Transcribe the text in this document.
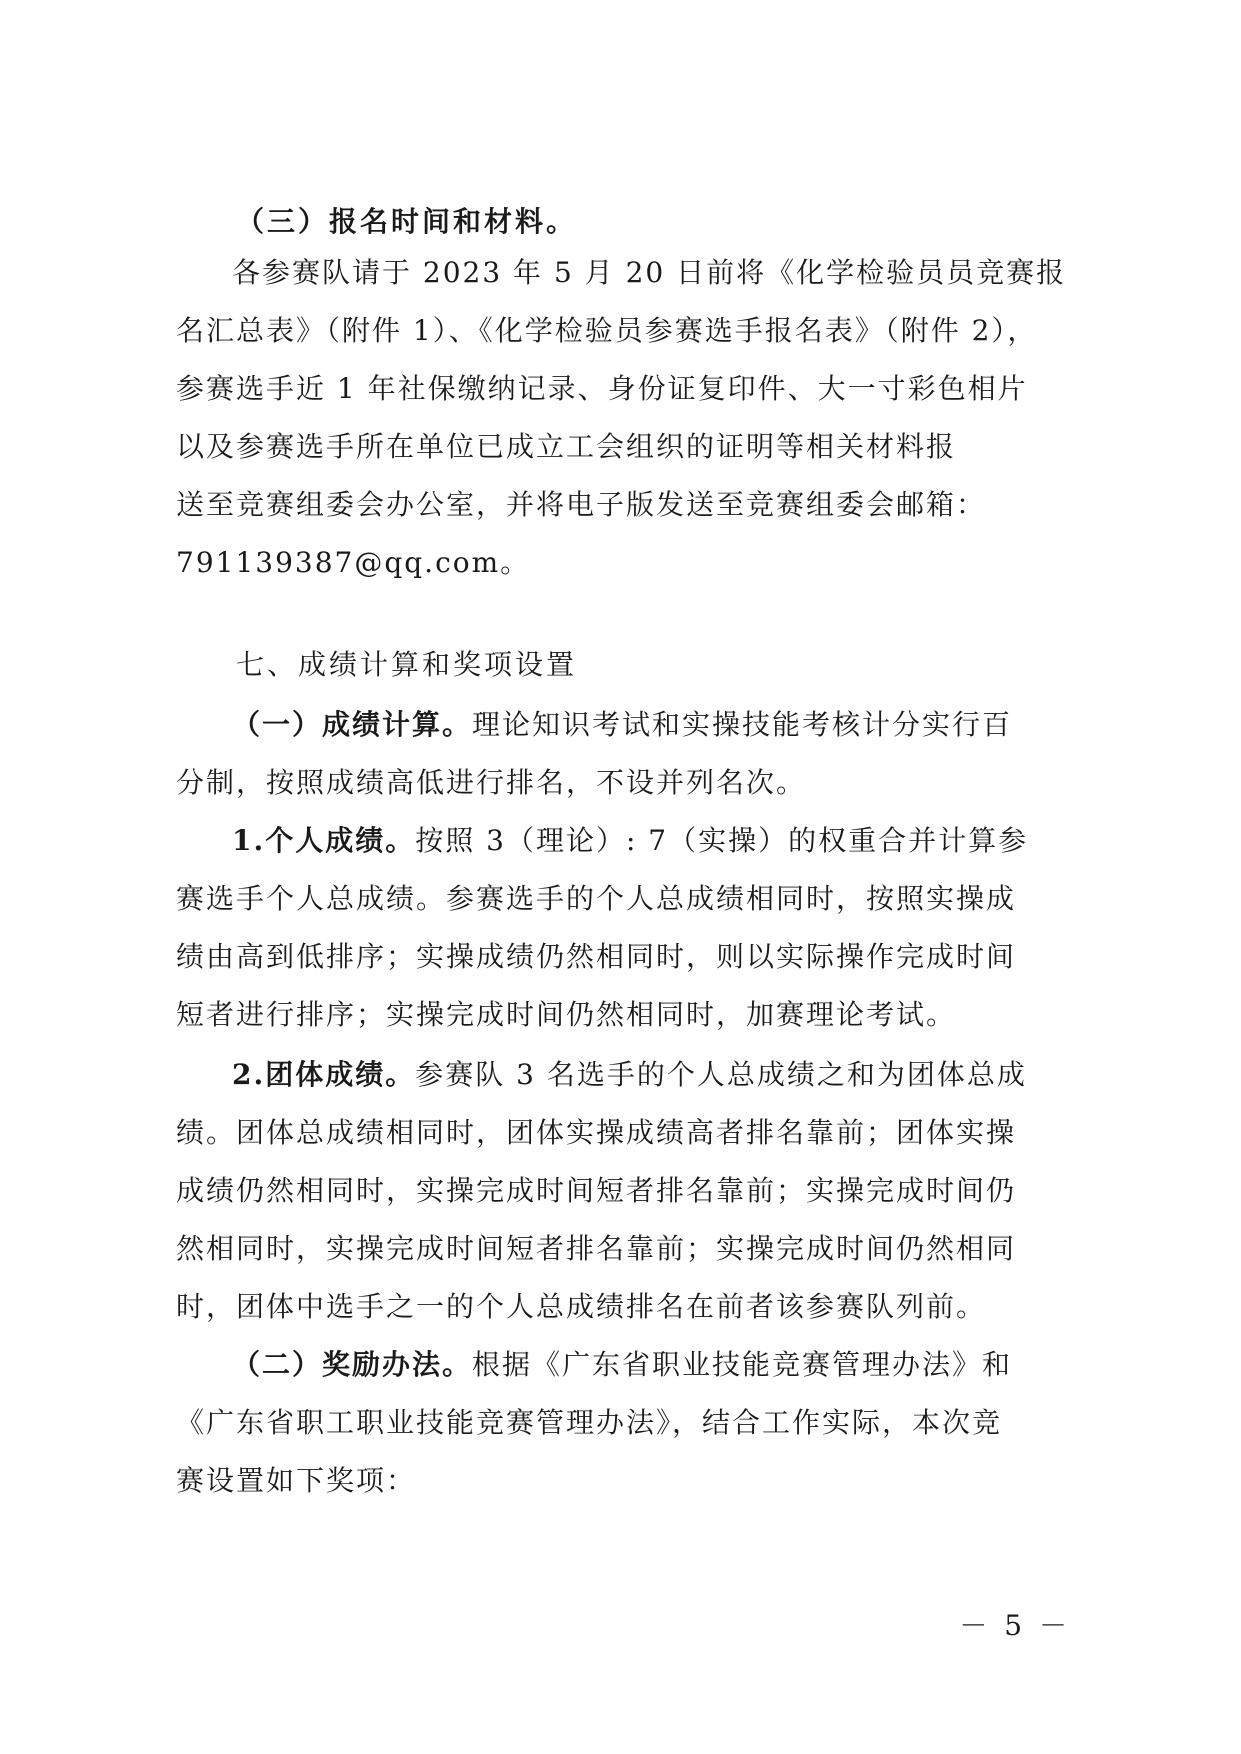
（三）报名时间和材料。
各参赛队请于 2023 年 5 月 20 日前将《化学检验员员竞赛报
名汇总表》（附件 1）、《化学检验员参赛选手报名表》（附件 2），
参赛选手近 1 年社保缴纳记录、身份证复印件、大一寸彩色相片
以及参赛选手所在单位已成立工会组织的证明等相关材料报
送至竞赛组委会办公室，并将电子版发送至竞赛组委会邮箱：
791139387@qq.com。
七、成绩计算和奖项设置
（一）成绩计算。理论知识考试和实操技能考核计分实行百
分制，按照成绩高低进行排名，不设并列名次。
1.个人成绩。按照 3（理论）: 7（实操）的权重合并计算参
赛选手个人总成绩。参赛选手的个人总成绩相同时，按照实操成
绩由高到低排序；实操成绩仍然相同时，则以实际操作完成时间
短者进行排序；实操完成时间仍然相同时，加赛理论考试。
2.团体成绩。参赛队 3 名选手的个人总成绩之和为团体总成
绩。团体总成绩相同时，团体实操成绩高者排名靠前；团体实操
成绩仍然相同时，实操完成时间短者排名靠前；实操完成时间仍
然相同时，实操完成时间短者排名靠前；实操完成时间仍然相同
时，团体中选手之一的个人总成绩排名在前者该参赛队列前。
（二）奖励办法。根据《广东省职业技能竞赛管理办法》和
《广东省职工职业技能竞赛管理办法》，结合工作实际，本次竞
赛设置如下奖项：
－ 5 －
